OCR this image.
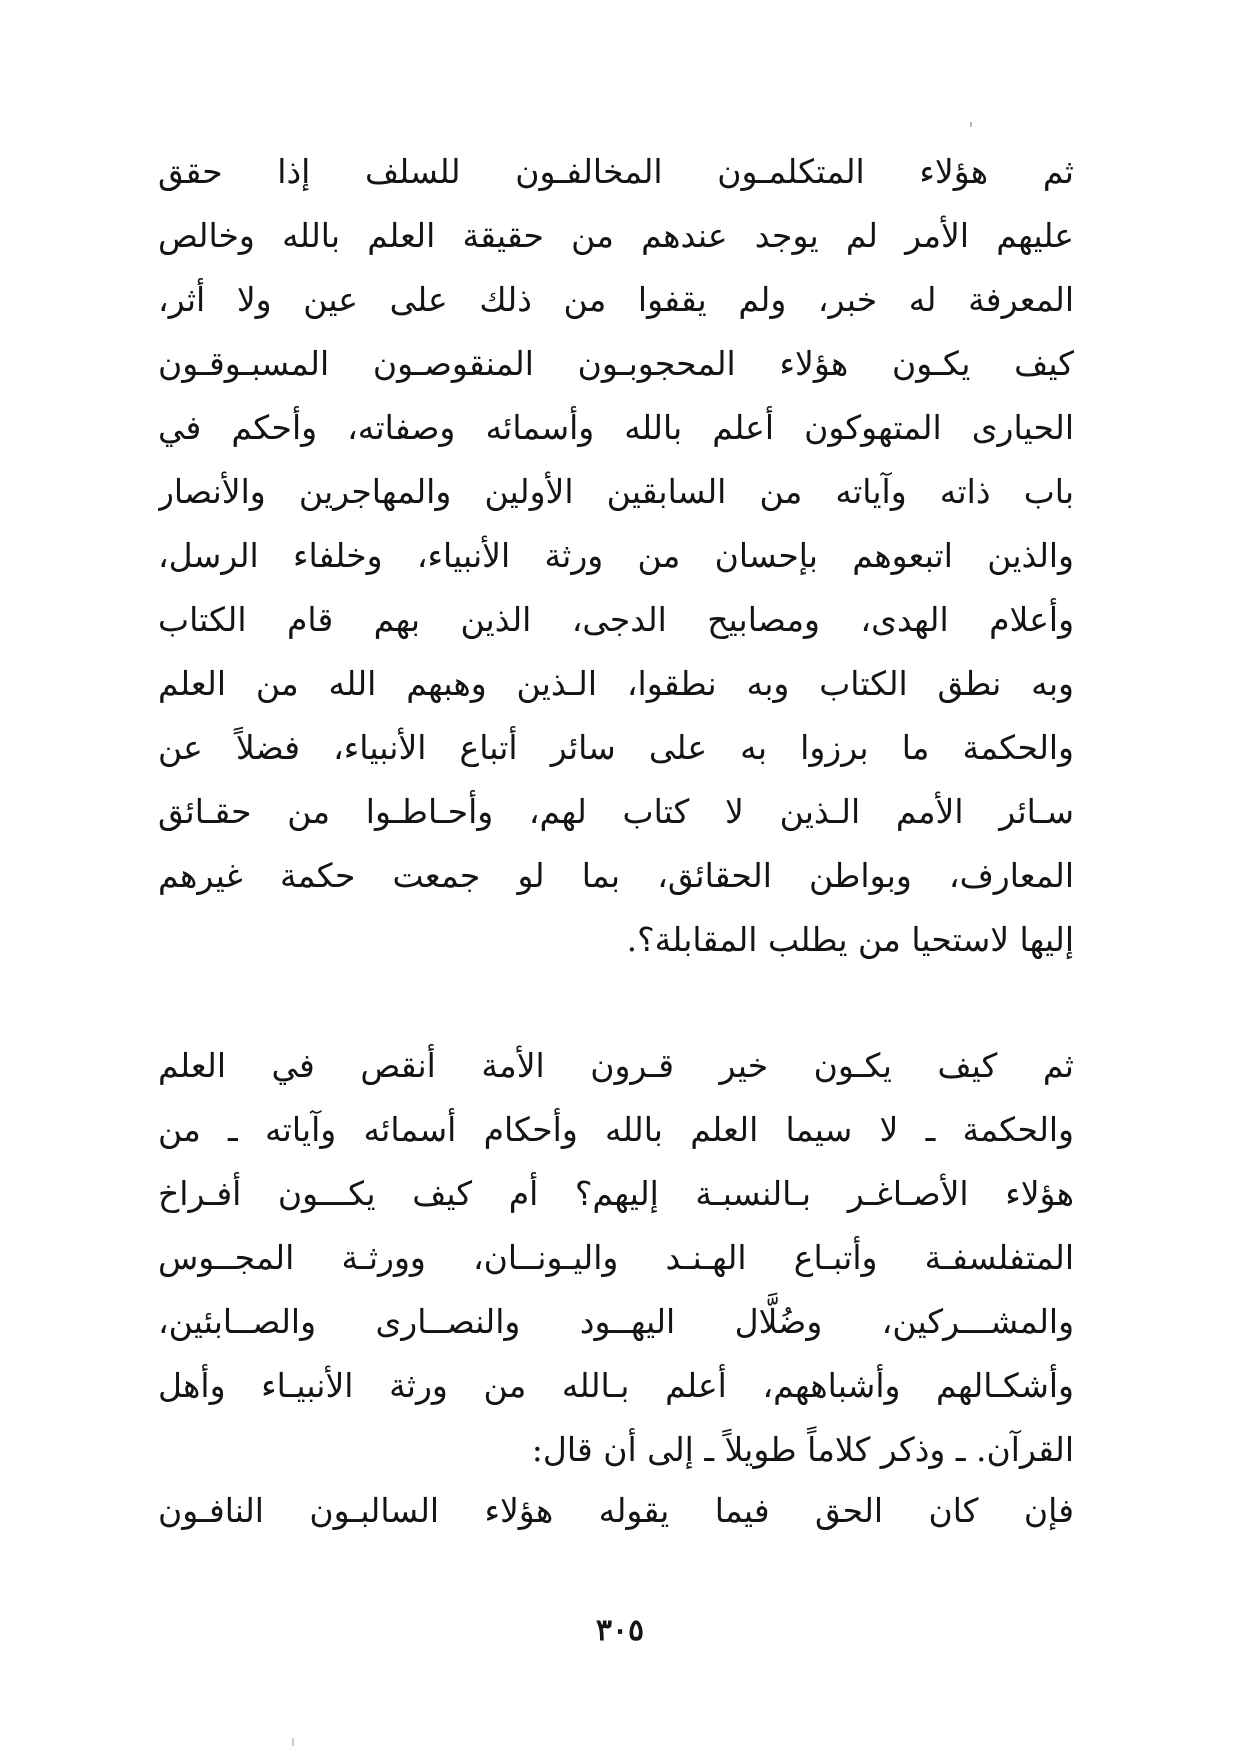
ثم هؤلاء المتكلمـون المخالفـون للسلف إذا حقق
عليهم الأمر لم يوجد عندهم من حقيقة العلم بالله وخالص
المعرفة له خبر، ولم يقفوا من ذلك على عين ولا أثر،
كيف يكـون هؤلاء المحجوبـون المنقوصـون المسبـوقـون
الحيارى المتهوكون أعلم بالله وأسمائه وصفاته، وأحكم في
باب ذاته وآياته من السابقين الأولين والمهاجرين والأنصار
والذين اتبعوهم بإحسان من ورثة الأنبياء، وخلفاء الرسل،
وأعلام الهدى، ومصابيح الدجى، الذين بهم قام الكتاب
وبه نطق الكتاب وبه نطقوا، الـذين وهبهم الله من العلم
والحكمة ما برزوا به على سائر أتباع الأنبياء، فضلاً عن
سـائر الأمم الـذين لا كتاب لهم، وأحـاطـوا من حقـائق
المعارف، وبواطن الحقائق، بما لو جمعت حكمة غيرهم
إليها لاستحيا من يطلب المقابلة؟.
ثم كيف يكـون خير قـرون الأمة أنقص في العلم
والحكمة ـ لا سيما العلم بالله وأحكام أسمائه وآياته ـ من
هؤلاء الأصـاغـر بـالنسبـة إليهم؟ أم كيف يكـــون أفـراخ
المتفلسفـة وأتبـاع الهـنـد واليـونــان، وورثـة المجــوس
والمشـــركين، وضُلَّال اليهــود والنصــارى والصــابئين،
وأشكـالهم وأشباههم، أعلم بـالله من ورثة الأنبيـاء وأهل
القرآن. ـ وذكر كلاماً طويلاً ـ إلى أن قال:
فإن كان الحق فيما يقوله هؤلاء السالبـون النافـون
٣٠٥
